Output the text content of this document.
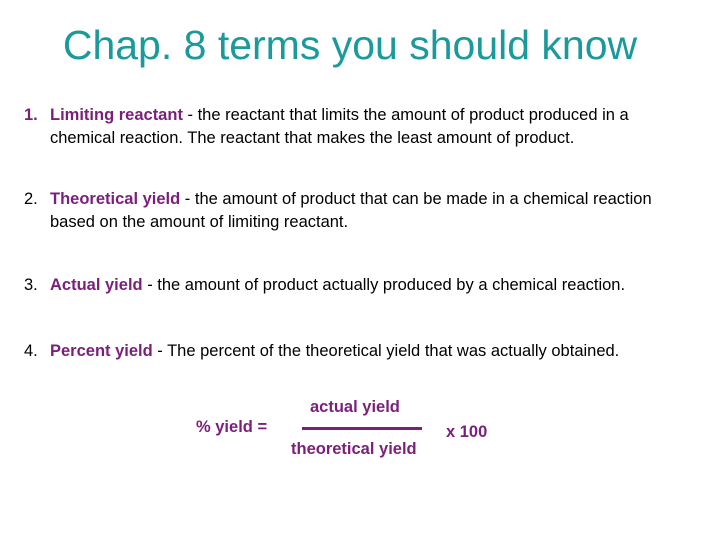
Chap. 8 terms you should know
1. Limiting reactant - the reactant that limits the amount of product produced in a chemical reaction. The reactant that makes the least amount of product.
2. Theoretical yield - the amount of product that can be made in a chemical reaction based on the amount of limiting reactant.
3. Actual yield - the amount of product actually produced by a chemical reaction.
4. Percent yield - The percent of the theoretical yield that was actually obtained.
% yield =
actual yield
theoretical yield
x 100
